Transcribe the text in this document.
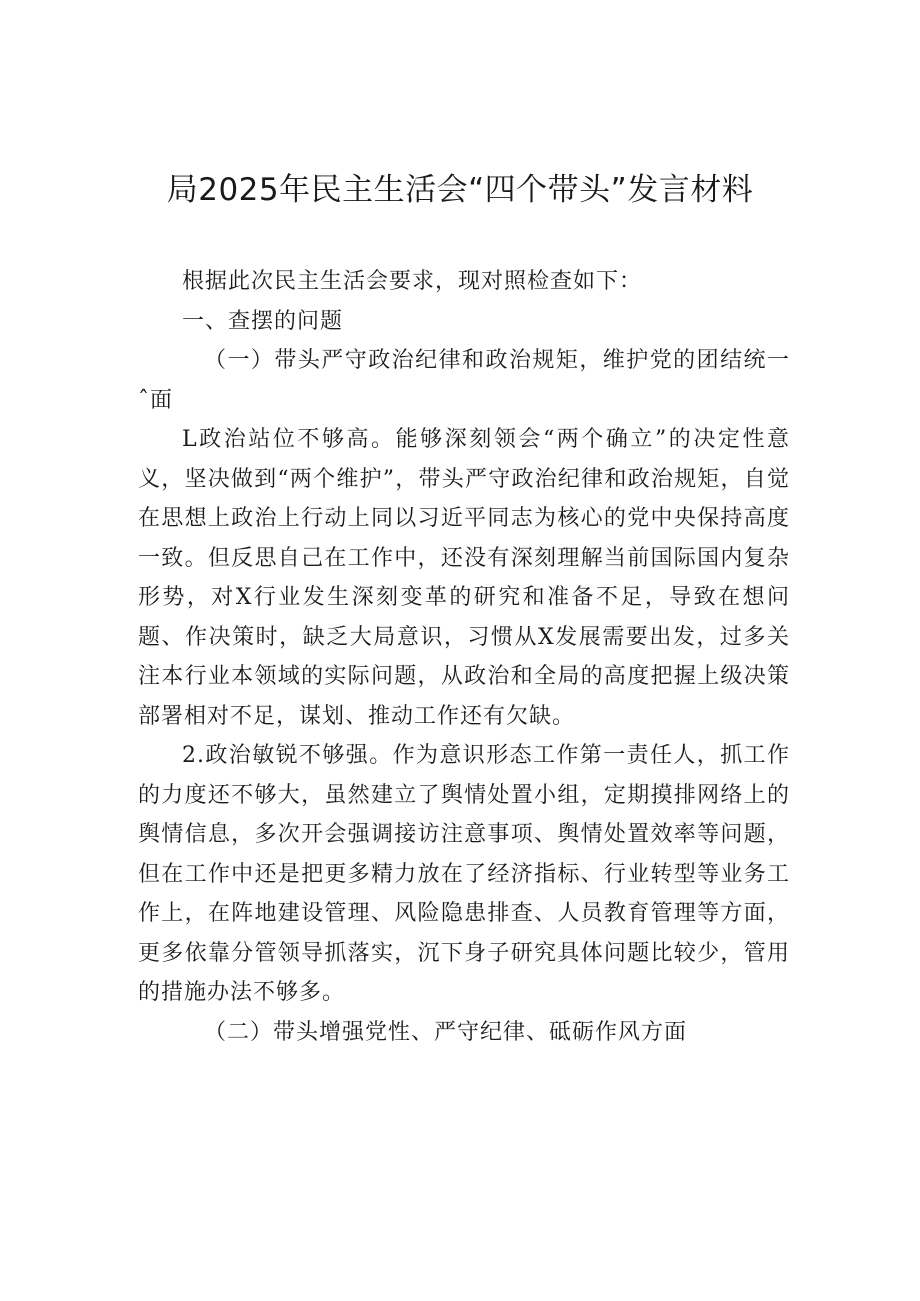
局2025年民主生活会“四个带头”发言材料

根据此次民主生活会要求，现对照检查如下：

一、查摆的问题

（一）带头严守政治纪律和政治规矩，维护党的团结统一ˆ面

L政治站位不够高。能够深刻领会“两个确立”的决定性意义，坚决做到“两个维护”，带头严守政治纪律和政治规矩，自觉在思想上政治上行动上同以习近平同志为核心的党中央保持高度一致。但反思自己在工作中，还没有深刻理解当前国际国内复杂形势，对X行业发生深刻变革的研究和准备不足，导致在想问题、作决策时，缺乏大局意识，习惯从X发展需要出发，过多关注本行业本领域的实际问题，从政治和全局的高度把握上级决策部署相对不足，谋划、推动工作还有欠缺。

2.政治敏锐不够强。作为意识形态工作第一责任人，抓工作的力度还不够大，虽然建立了舆情处置小组，定期摸排网络上的舆情信息，多次开会强调接访注意事项、舆情处置效率等问题，但在工作中还是把更多精力放在了经济指标、行业转型等业务工作上，在阵地建设管理、风险隐患排查、人员教育管理等方面，更多依靠分管领导抓落实，沉下身子研究具体问题比较少，管用的措施办法不够多。

（二）带头增强党性、严守纪律、砥砺作风方面
